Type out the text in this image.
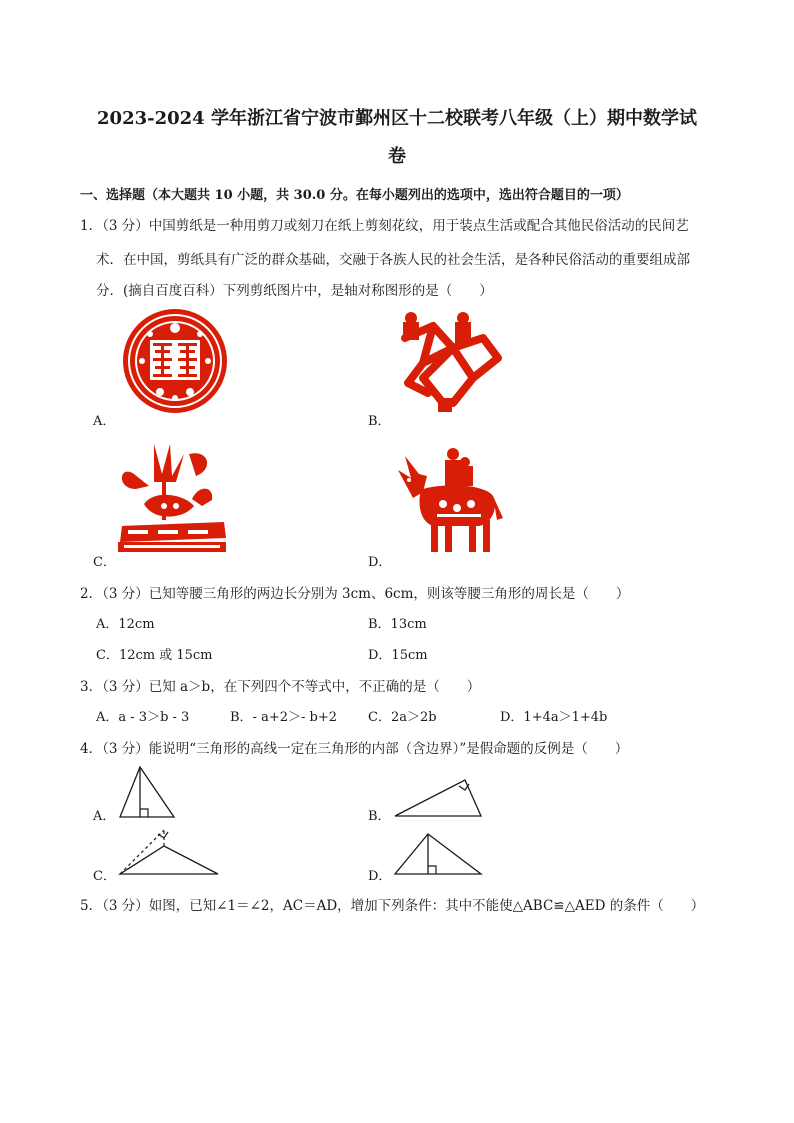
2023-2024 学年浙江省宁波市鄞州区十二校联考八年级（上）期中数学试
卷
一、选择题（本大题共 10 小题，共 30.0 分。在每小题列出的选项中，选出符合题目的一项）
1．（3 分）中国剪纸是一种用剪刀或刻刀在纸上剪刻花纹，用于装点生活或配合其他民俗活动的民间艺
术．在中国，剪纸具有广泛的群众基础，交融于各族人民的社会生活，是各种民俗活动的重要组成部
分．(摘自百度百科）下列剪纸图片中，是轴对称图形的是（　　）
A．	B．
C．	D．
2．（3 分）已知等腰三角形的两边长分别为 3cm、6cm，则该等腰三角形的周长是（　　）
A．12cm	B．13cm
C．12cm 或 15cm	D．15cm
3．（3 分）已知 a＞b，在下列四个不等式中，不正确的是（　　）
A．a - 3＞b - 3	B．- a+2＞- b+2 C．2a＞2b	D．1+4a＞1+4b
4．（3 分）能说明“三角形的高线一定在三角形的内部（含边界）”是假命题的反例是（　　）
A．	B．
C．	D．
5．（3 分）如图，已知∠1＝∠2，AC＝AD，增加下列条件：其中不能使△ABC≌△AED 的条件（　　）
